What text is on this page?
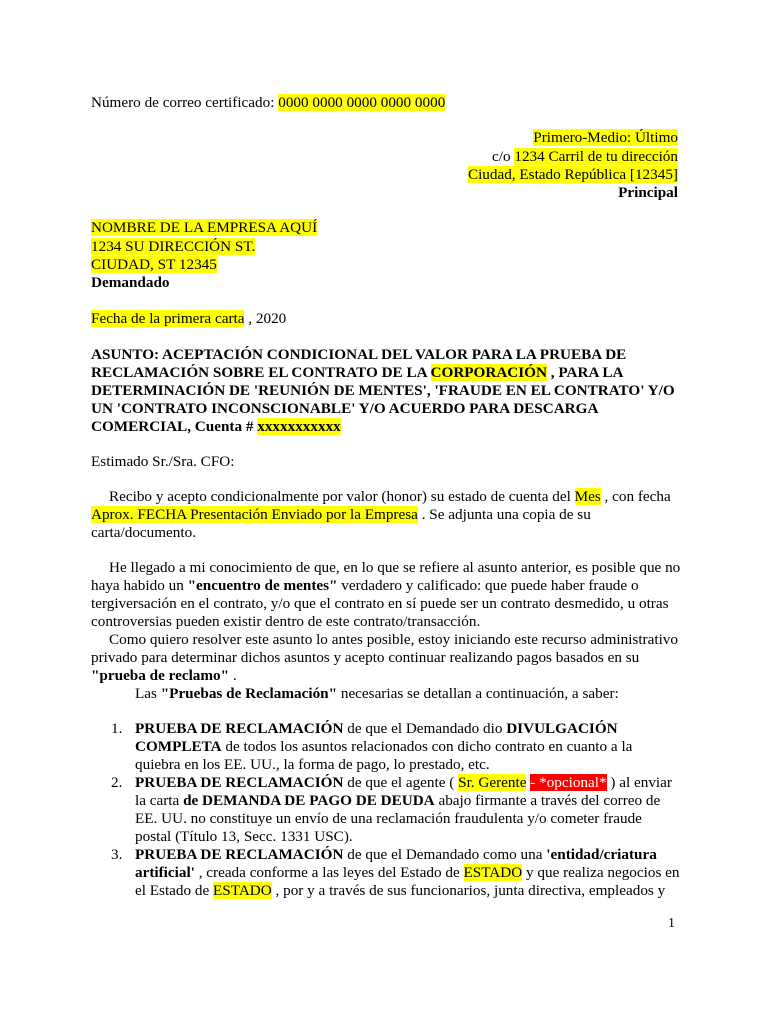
Número de correo certificado: 0000 0000 0000 0000 0000
Primero-Medio: Último
c/o 1234 Carril de tu dirección
Ciudad, Estado República [12345]
Principal
NOMBRE DE LA EMPRESA AQUÍ
1234 SU DIRECCIÓN ST.
CIUDAD, ST 12345
Demandado
Fecha de la primera carta , 2020
ASUNTO: ACEPTACIÓN CONDICIONAL DEL VALOR PARA LA PRUEBA DE
RECLAMACIÓN SOBRE EL CONTRATO DE LA CORPORACIÓN , PARA LA
DETERMINACIÓN DE 'REUNIÓN DE MENTES', 'FRAUDE EN EL CONTRATO' Y/O
UN 'CONTRATO INCONSCIONABLE' Y/O ACUERDO PARA DESCARGA
COMERCIAL, Cuenta # xxxxxxxxxxx
Estimado Sr./Sra. CFO:
Recibo y acepto condicionalmente por valor (honor) su estado de cuenta del Mes , con fecha
Aprox. FECHA Presentación Enviado por la Empresa . Se adjunta una copia de su
carta/documento.
He llegado a mi conocimiento de que, en lo que se refiere al asunto anterior, es posible que no
haya habido un "encuentro de mentes" verdadero y calificado: que puede haber fraude o
tergiversación en el contrato, y/o que el contrato en sí puede ser un contrato desmedido, u otras
controversias pueden existir dentro de este contrato/transacción.
Como quiero resolver este asunto lo antes posible, estoy iniciando este recurso administrativo
privado para determinar dichos asuntos y acepto continuar realizando pagos basados en su
"prueba de reclamo" .
Las "Pruebas de Reclamación" necesarias se detallan a continuación, a saber:
1. PRUEBA DE RECLAMACIÓN de que el Demandado dio DIVULGACIÓN
COMPLETA de todos los asuntos relacionados con dicho contrato en cuanto a la
quiebra en los EE. UU., la forma de pago, lo prestado, etc.
2. PRUEBA DE RECLAMACIÓN de que el agente ( Sr. Gerente - *opcional* ) al enviar
la carta de DEMANDA DE PAGO DE DEUDA abajo firmante a través del correo de
EE. UU. no constituye un envío de una reclamación fraudulenta y/o cometer fraude
postal (Título 13, Secc. 1331 USC).
3. PRUEBA DE RECLAMACIÓN de que el Demandado como una 'entidad/criatura
artificial' , creada conforme a las leyes del Estado de ESTADO y que realiza negocios en
el Estado de ESTADO , por y a través de sus funcionarios, junta directiva, empleados y
1
